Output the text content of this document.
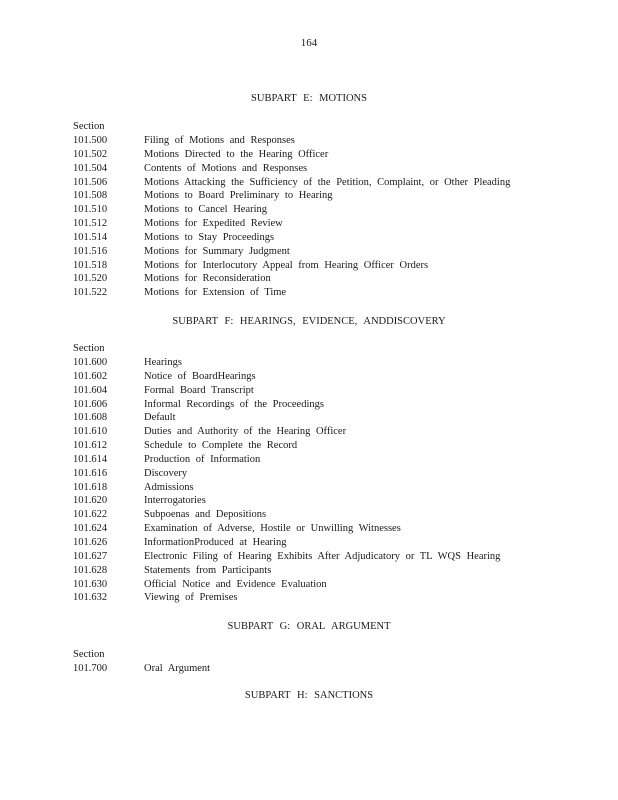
164
SUBPART E: MOTIONS
Section
101.500	Filing of Motions and Responses
101.502	Motions Directed to the Hearing Officer
101.504	Contents of Motions and Responses
101.506	Motions Attacking the Sufficiency of the Petition, Complaint, or Other Pleading
101.508	Motions to Board Preliminary to Hearing
101.510	Motions to Cancel Hearing
101.512	Motions for Expedited Review
101.514	Motions to Stay Proceedings
101.516	Motions for Summary Judgment
101.518	Motions for Interlocutory Appeal from Hearing Officer Orders
101.520	Motions for Reconsideration
101.522	Motions for Extension of Time
SUBPART F: HEARINGS, EVIDENCE, ANDDISCOVERY
Section
101.600	Hearings
101.602	Notice of BoardHearings
101.604	Formal Board Transcript
101.606	Informal Recordings of the Proceedings
101.608	Default
101.610	Duties and Authority of the Hearing Officer
101.612	Schedule to Complete the Record
101.614	Production of Information
101.616	Discovery
101.618	Admissions
101.620	Interrogatories
101.622	Subpoenas and Depositions
101.624	Examination of Adverse, Hostile or Unwilling Witnesses
101.626	InformationProduced at Hearing
101.627	Electronic Filing of Hearing Exhibits After Adjudicatory or TL WQS Hearing
101.628	Statements from Participants
101.630	Official Notice and Evidence Evaluation
101.632	Viewing of Premises
SUBPART G: ORAL ARGUMENT
Section
101.700	Oral Argument
SUBPART H: SANCTIONS
